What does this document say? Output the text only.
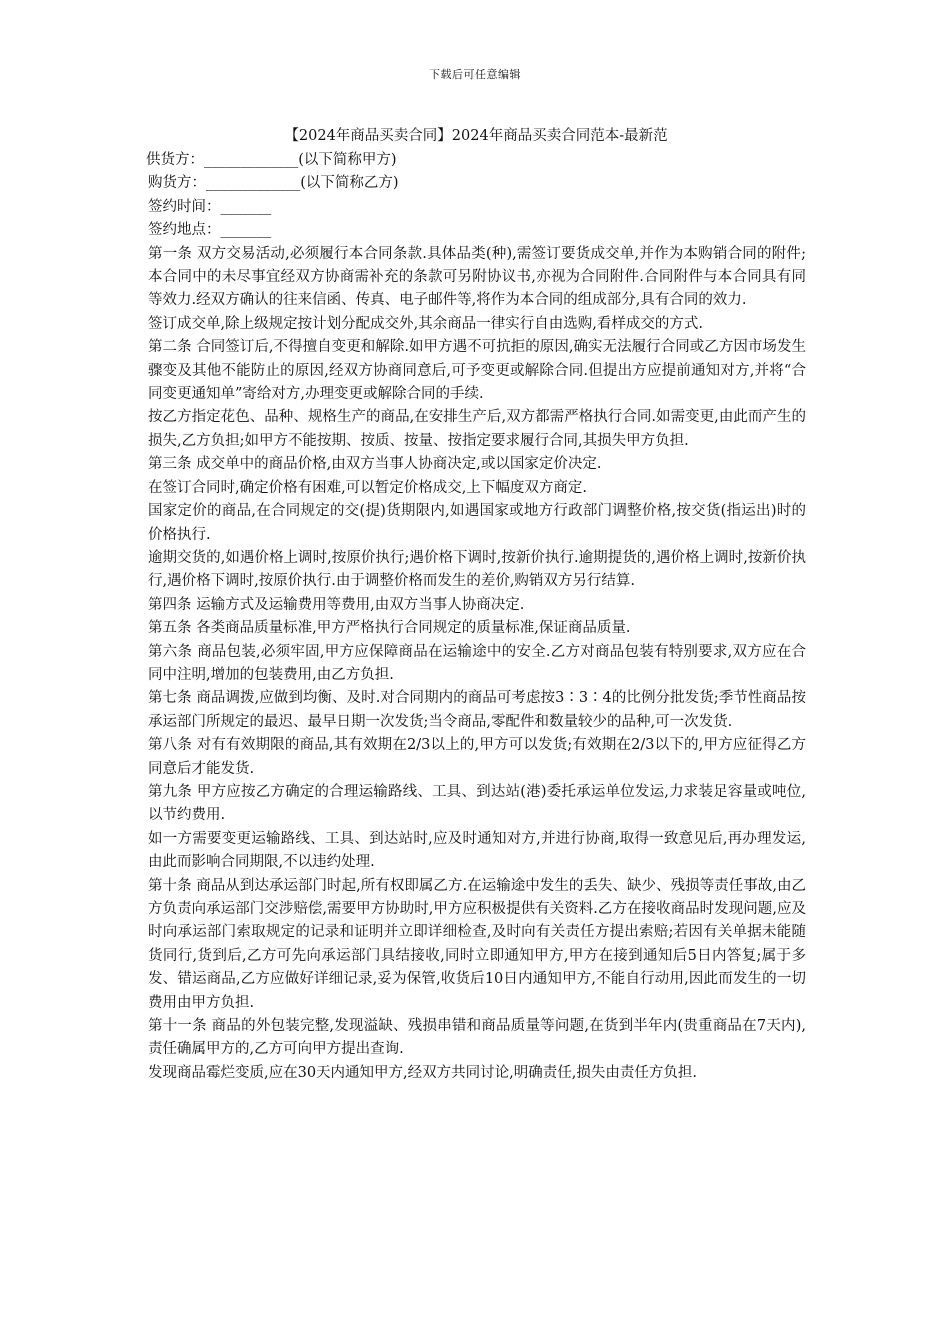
下载后可任意编辑
【2024年商品买卖合同】2024年商品买卖合同范本-最新范

供货方：_____________(以下简称甲方)

购货方：_____________(以下简称乙方)

签约时间：_______

签约地点：_______

第一条 双方交易活动,必须履行本合同条款.具体品类(种),需签订要货成交单,并作为本购销合同的附件;本合同中的未尽事宜经双方协商需补充的条款可另附协议书,亦视为合同附件.合同附件与本合同具有同等效力.经双方确认的往来信函、传真、电子邮件等,将作为本合同的组成部分,具有合同的效力.

签订成交单,除上级规定按计划分配成交外,其余商品一律实行自由选购,看样成交的方式.

第二条 合同签订后,不得擅自变更和解除.如甲方遇不可抗拒的原因,确实无法履行合同或乙方因市场发生骤变及其他不能防止的原因,经双方协商同意后,可予变更或解除合同.但提出方应提前通知对方,并将“合同变更通知单”寄给对方,办理变更或解除合同的手续.

按乙方指定花色、品种、规格生产的商品,在安排生产后,双方都需严格执行合同.如需变更,由此而产生的损失,乙方负担;如甲方不能按期、按质、按量、按指定要求履行合同,其损失甲方负担.

第三条 成交单中的商品价格,由双方当事人协商决定,或以国家定价决定.

在签订合同时,确定价格有困难,可以暂定价格成交,上下幅度双方商定.

国家定价的商品,在合同规定的交(提)货期限内,如遇国家或地方行政部门调整价格,按交货(指运出)时的价格执行.

逾期交货的,如遇价格上调时,按原价执行;遇价格下调时,按新价执行.逾期提货的,遇价格上调时,按新价执行,遇价格下调时,按原价执行.由于调整价格而发生的差价,购销双方另行结算.

第四条 运输方式及运输费用等费用,由双方当事人协商决定.

第五条 各类商品质量标准,甲方严格执行合同规定的质量标准,保证商品质量.

第六条 商品包装,必须牢固,甲方应保障商品在运输途中的安全.乙方对商品包装有特别要求,双方应在合同中注明,增加的包装费用,由乙方负担.

第七条 商品调拨,应做到均衡、及时.对合同期内的商品可考虑按3∶3∶4的比例分批发货;季节性商品按承运部门所规定的最迟、最早日期一次发货;当令商品,零配件和数量较少的品种,可一次发货.

第八条 对有有效期限的商品,其有效期在2/3以上的,甲方可以发货;有效期在2/3以下的,甲方应征得乙方同意后才能发货.

第九条 甲方应按乙方确定的合理运输路线、工具、到达站(港)委托承运单位发运,力求装足容量或吨位,以节约费用.

如一方需要变更运输路线、工具、到达站时,应及时通知对方,并进行协商,取得一致意见后,再办理发运,由此而影响合同期限,不以违约处理.

第十条 商品从到达承运部门时起,所有权即属乙方.在运输途中发生的丢失、缺少、残损等责任事故,由乙方负责向承运部门交涉赔偿,需要甲方协助时,甲方应积极提供有关资料.乙方在接收商品时发现问题,应及时向承运部门索取规定的记录和证明并立即详细检查,及时向有关责任方提出索赔;若因有关单据未能随货同行,货到后,乙方可先向承运部门具结接收,同时立即通知甲方,甲方在接到通知后5日内答复;属于多发、错运商品,乙方应做好详细记录,妥为保管,收货后10日内通知甲方,不能自行动用,因此而发生的一切费用由甲方负担.

第十一条 商品的外包装完整,发现溢缺、残损串错和商品质量等问题,在货到半年内(贵重商品在7天内),责任确属甲方的,乙方可向甲方提出查询.

发现商品霉烂变质,应在30天内通知甲方,经双方共同讨论,明确责任,损失由责任方负担.
